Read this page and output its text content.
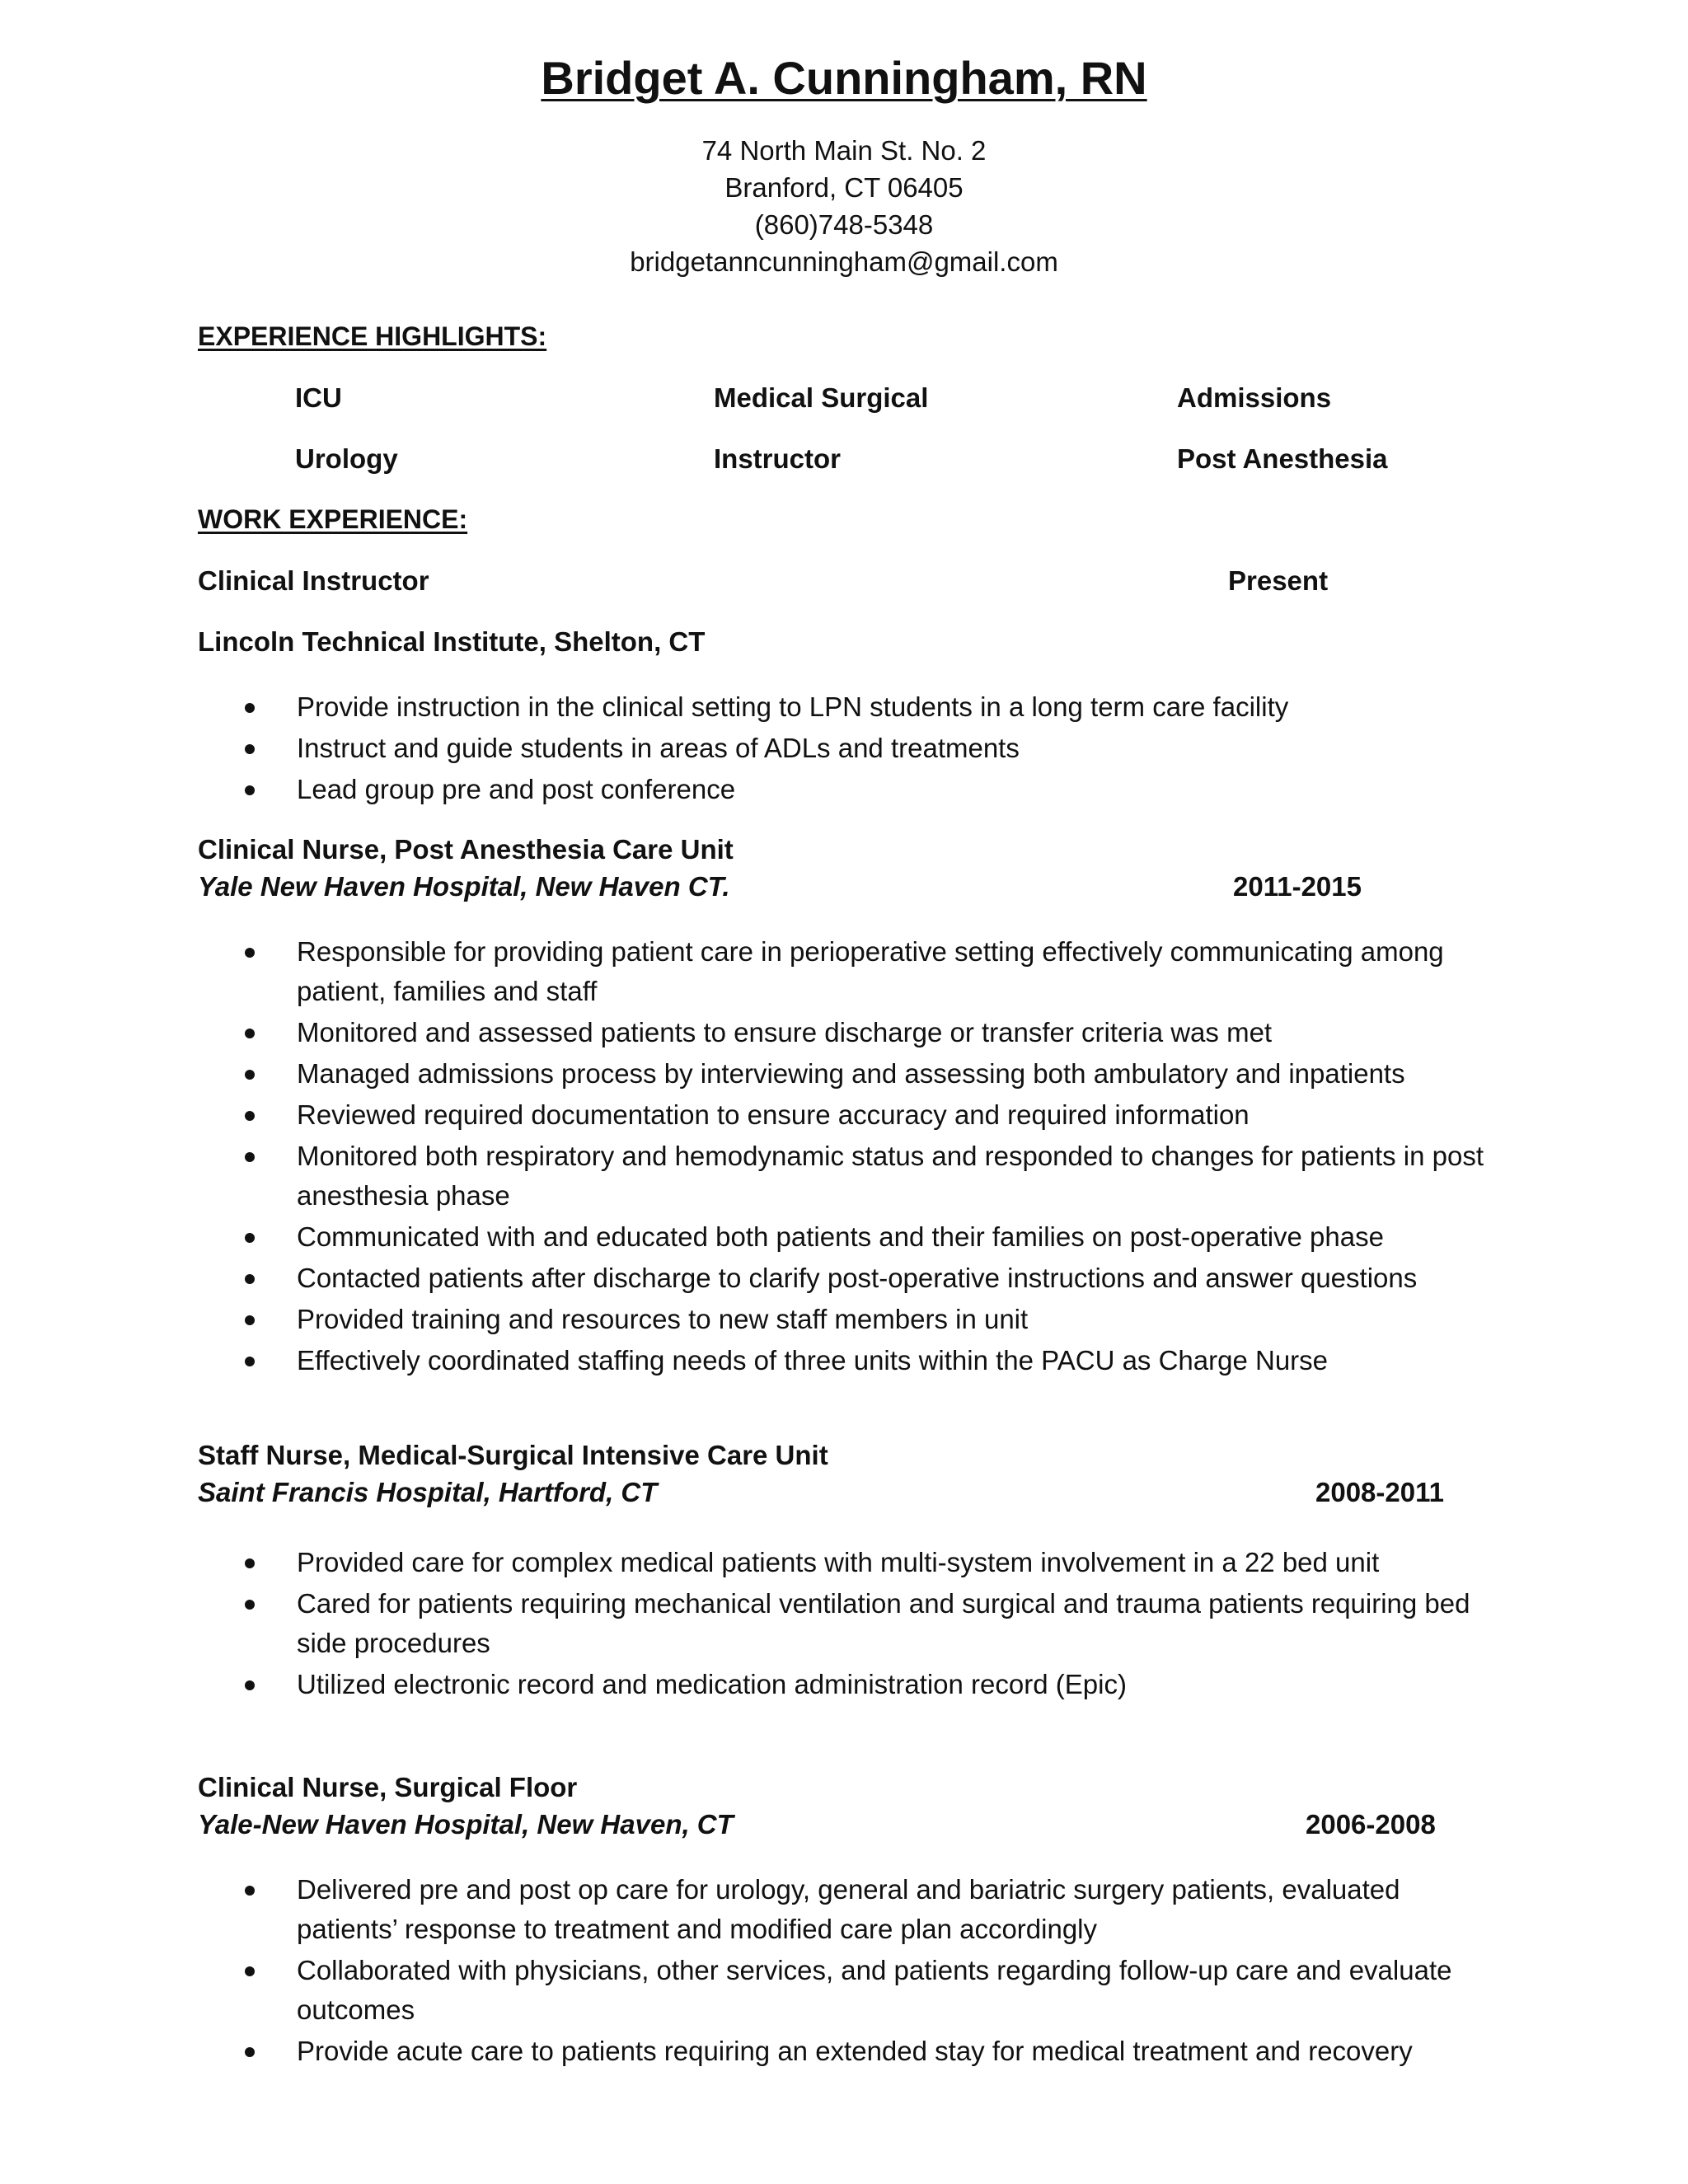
Bridget A. Cunningham, RN
74 North Main St. No. 2
Branford, CT 06405
(860)748-5348
bridgetanncunningham@gmail.com
EXPERIENCE HIGHLIGHTS:
ICU	Medical Surgical	Admissions
Urology	Instructor	Post Anesthesia
WORK EXPERIENCE:
Clinical Instructor	Present
Lincoln Technical Institute, Shelton, CT
Provide instruction in the clinical setting to LPN students in a long term care facility
Instruct and guide students in areas of ADLs and treatments
Lead group pre and post conference
Clinical Nurse, Post Anesthesia Care Unit
Yale New Haven Hospital, New Haven CT.	2011-2015
Responsible for providing patient care in perioperative setting effectively communicating among patient, families and staff
Monitored and assessed patients to ensure discharge or transfer criteria was met
Managed admissions process by interviewing and assessing both ambulatory and inpatients
Reviewed required documentation to ensure accuracy and required information
Monitored both respiratory and hemodynamic status and responded to changes for patients in post anesthesia phase
Communicated with and educated both patients and their families on post-operative phase
Contacted patients after discharge to clarify post-operative instructions and answer questions
Provided training and resources to new staff members in unit
Effectively coordinated staffing needs of three units within the PACU as Charge Nurse
Staff Nurse, Medical-Surgical Intensive Care Unit
Saint Francis Hospital, Hartford, CT	2008-2011
Provided care for complex medical patients with multi-system involvement in a 22 bed unit
Cared for patients requiring mechanical ventilation and surgical and trauma patients requiring bed side procedures
Utilized electronic record and medication administration record (Epic)
Clinical Nurse, Surgical Floor
Yale-New Haven Hospital, New Haven, CT	2006-2008
Delivered pre and post op care for urology, general and bariatric surgery patients, evaluated patients’ response to treatment and modified care plan accordingly
Collaborated with physicians, other services, and patients regarding follow-up care and evaluate outcomes
Provide acute care to patients requiring an extended stay for medical treatment and recovery
